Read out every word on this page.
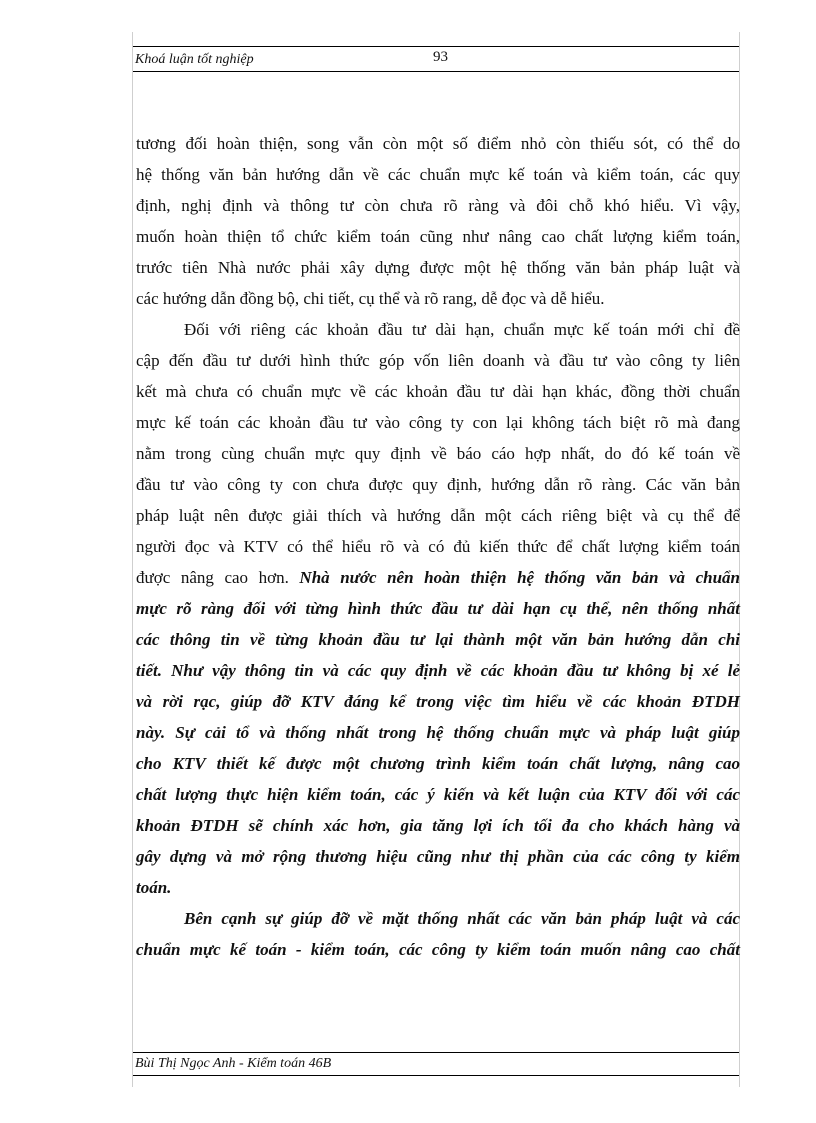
Khoá luận tốt nghiệp	93

tương đối hoàn thiện, song vẫn còn một số điểm nhỏ còn thiếu sót, có thể do
hệ thống văn bản hướng dẫn về các chuẩn mực kế toán và kiểm toán, các quy
định, nghị định và thông tư còn chưa rõ ràng và đôi chỗ khó hiểu. Vì vậy,
muốn hoàn thiện tổ chức kiểm toán cũng như nâng cao chất lượng kiểm toán,
trước tiên Nhà nước phải xây dựng được một hệ thống văn bản pháp luật và
các hướng dẫn đồng bộ, chi tiết, cụ thể và rõ rang, dễ đọc và dễ hiểu.

Đối với riêng các khoản đầu tư dài hạn, chuẩn mực kế toán mới chỉ đề
cập đến đầu tư dưới hình thức góp vốn liên doanh và đầu tư vào công ty liên
kết mà chưa có chuẩn mực về các khoản đầu tư dài hạn khác, đồng thời chuẩn
mực kế toán các khoản đầu tư vào công ty con lại không tách biệt rõ mà đang
nằm trong cùng chuẩn mực quy định về báo cáo hợp nhất, do đó kế toán về
đầu tư vào công ty con chưa được quy định, hướng dẫn rõ ràng. Các văn bản
pháp luật nên được giải thích và hướng dẫn một cách riêng biệt và cụ thể để
người đọc và KTV có thể hiểu rõ và có đủ kiến thức để chất lượng kiểm toán
được nâng cao hơn. Nhà nước nên hoàn thiện hệ thống văn bản và chuẩn
mực rõ ràng đối với từng hình thức đầu tư dài hạn cụ thể, nên thống nhất
các thông tin về từng khoản đầu tư lại thành một văn bản hướng dẫn chi
tiết. Như vậy thông tin và các quy định về các khoản đầu tư không bị xé lẻ
và rời rạc, giúp đỡ KTV đáng kể trong việc tìm hiểu về các khoản ĐTDH
này. Sự cải tổ và thống nhất trong hệ thống chuẩn mực và pháp luật giúp
cho KTV thiết kế được một chương trình kiểm toán chất lượng, nâng cao
chất lượng thực hiện kiểm toán, các ý kiến và kết luận của KTV đối với các
khoản ĐTDH sẽ chính xác hơn, gia tăng lợi ích tối đa cho khách hàng và
gây dựng và mở rộng thương hiệu cũng như thị phần của các công ty kiểm
toán.

Bên cạnh sự giúp đỡ về mặt thống nhất các văn bản pháp luật và các
chuẩn mực kế toán - kiểm toán, các công ty kiểm toán muốn nâng cao chất

Bùi Thị Ngọc Anh - Kiểm toán 46B
